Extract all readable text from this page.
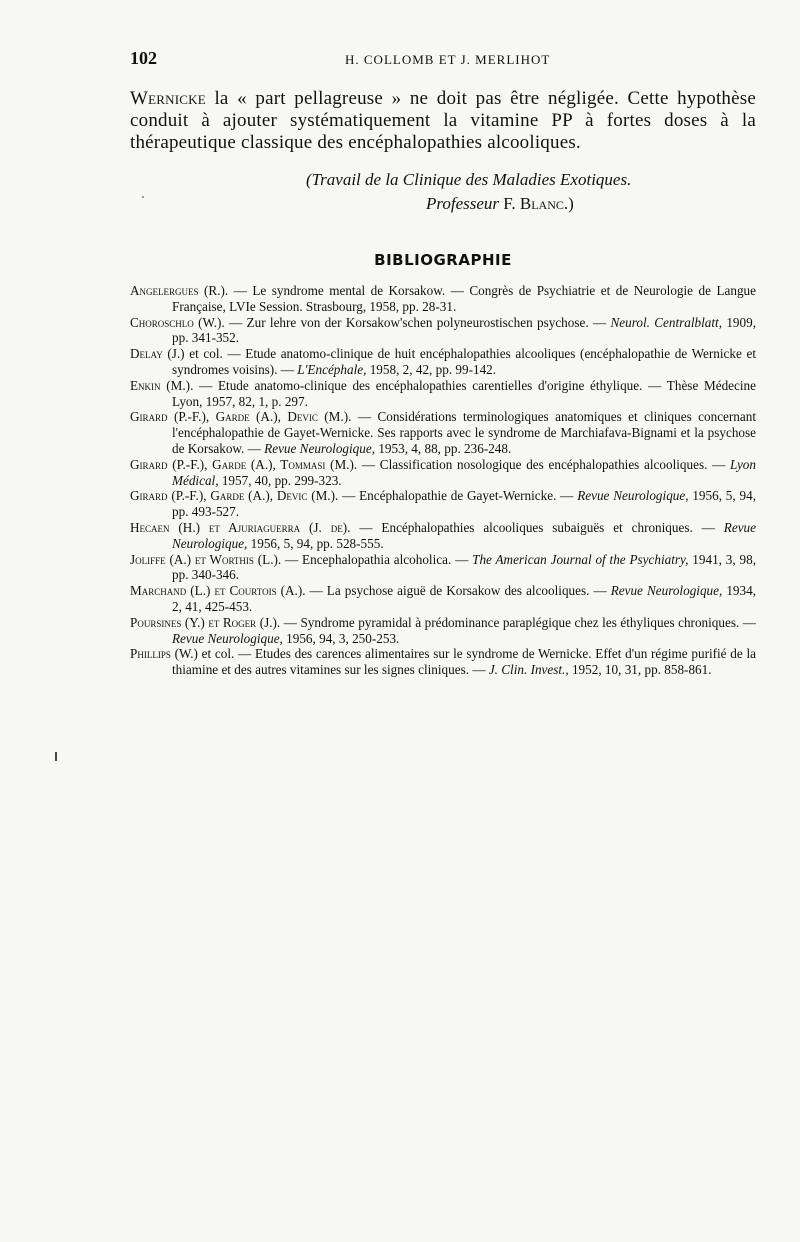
102	H. COLLOMB ET J. MERLIHOT

Wernicke la « part pellagreuse » ne doit pas être négligée. Cette hypothèse conduit à ajouter systématiquement la vitamine PP à fortes doses à la thérapeutique classique des encéphalopathies alcooliques.

(Travail de la Clinique des Maladies Exotiques.
Professeur F. Blanc.)
BIBLIOGRAPHIE
Angelergues (R.). — Le syndrome mental de Korsakow. — Congrès de Psychiatrie et de Neurologie de Langue Française, LVIe Session. Strasbourg, 1958, pp. 28-31.
Choroschlo (W.). — Zur lehre von der Korsakow'schen polyneurostischen psychose. — Neurol. Centralblatt, 1909, pp. 341-352.
Delay (J.) et col. — Etude anatomo-clinique de huit encéphalopathies alcooliques (encéphalopathie de Wernicke et syndromes voisins). — L'Encéphale, 1958, 2, 42, pp. 99-142.
Enkin (M.). — Etude anatomo-clinique des encéphalopathies carentielles d'origine éthylique. — Thèse Médecine Lyon, 1957, 82, 1, p. 297.
Girard (P.-F.), Garde (A.), Devic (M.). — Considérations terminologiques anatomiques et cliniques concernant l'encéphalopathie de Gayet-Wernicke. Ses rapports avec le syndrome de Marchiafava-Bignami et la psychose de Korsakow. — Revue Neurologique, 1953, 4, 88, pp. 236-248.
Girard (P.-F.), Garde (A.), Tommasi (M.). — Classification nosologique des encéphalopathies alcooliques. — Lyon Médical, 1957, 40, pp. 299-323.
Girard (P.-F.), Garde (A.), Devic (M.). — Encéphalopathie de Gayet-Wernicke. — Revue Neurologique, 1956, 5, 94, pp. 493-527.
Hecaen (H.) et Ajuriaguerra (J. de). — Encéphalopathies alcooliques subaiguës et chroniques. — Revue Neurologique, 1956, 5, 94, pp. 528-555.
Joliffe (A.) et Worthis (L.). — Encephalopathia alcoholica. — The American Journal of the Psychiatry, 1941, 3, 98, pp. 340-346.
Marchand (L.) et Courtois (A.). — La psychose aiguë de Korsakow des alcooliques. — Revue Neurologique, 1934, 2, 41, 425-453.
Poursines (Y.) et Roger (J.). — Syndrome pyramidal à prédominance paraplégique chez les éthyliques chroniques. — Revue Neurologique, 1956, 94, 3, 250-253.
Phillips (W.) et col. — Etudes des carences alimentaires sur le syndrome de Wernicke. Effet d'un régime purifié de la thiamine et des autres vitamines sur les signes cliniques. — J. Clin. Invest., 1952, 10, 31, pp. 858-861.
